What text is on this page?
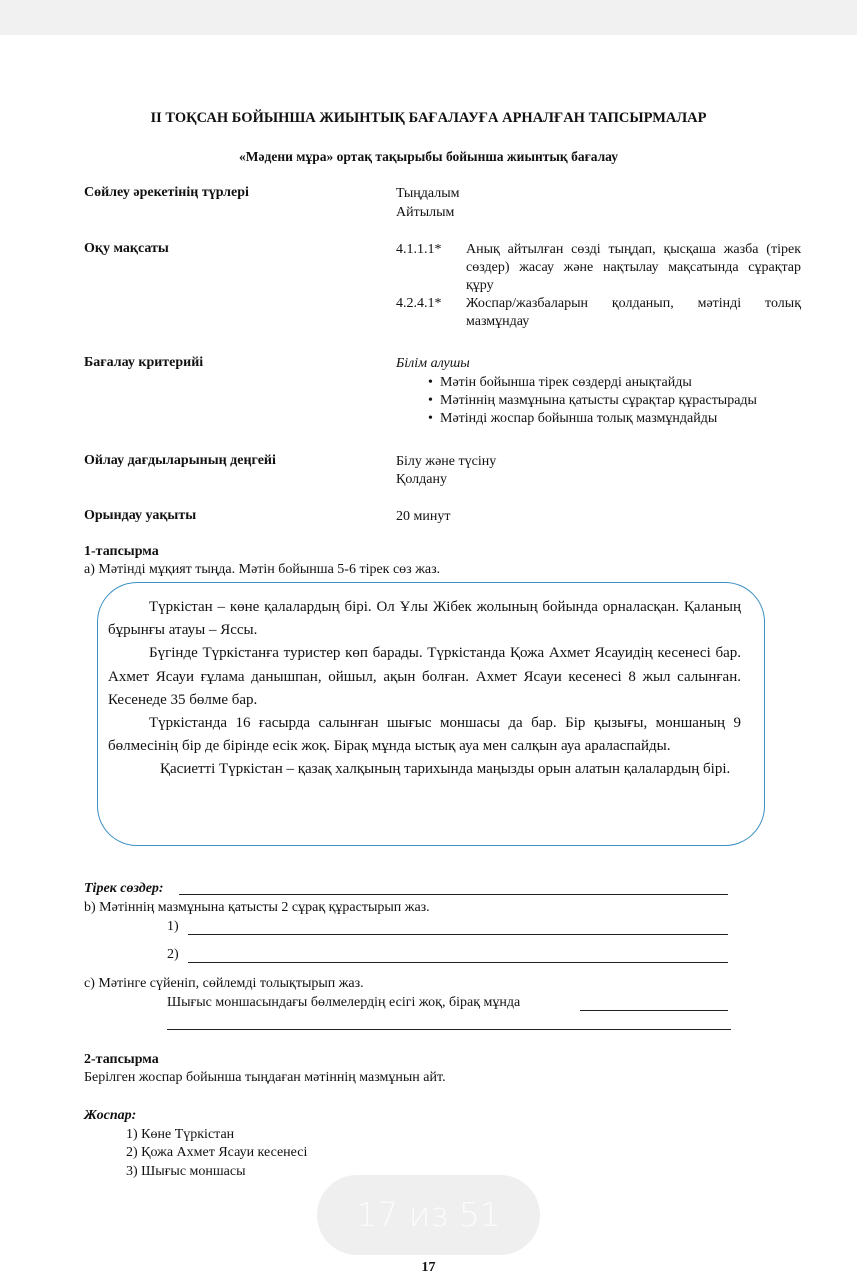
II ТОҚСАН БОЙЫНША ЖИЫНТЫҚ БАҒАЛАУҒА АРНАЛҒАН ТАПСЫРМАЛАР
«Мәдени мұра» ортақ тақырыбы бойынша жиынтық бағалау
Сөйлеу әрекетінің түрлері	Тыңдалым
Айтылым
Оқу мақсаты	4.1.1.1*	Анық айтылған сөзді тыңдап, қысқаша жазба (тірек сөздер) жасау және нақтылау мақсатында сұрақтар құру
4.2.4.1*	Жоспар/жазбаларын қолданып, мәтінді толық мазмұндау
Бағалау критерийі	Білім алушы
• Мәтін бойынша тірек сөздерді анықтайды
• Мәтіннің мазмұнына қатысты сұрақтар құрастырады
• Мәтінді жоспар бойынша толық мазмұндайды
Ойлау дағдыларының деңгейі	Білу және түсіну
Қолдану
Орындау уақыты	20 минут
1-тапсырма
а) Мәтінді мұқият тыңда. Мәтін бойынша 5-6 тірек сөз жаз.

Түркістан – көне қалалардың бірі. Ол Ұлы Жібек жолының бойында орналасқан. Қаланың бұрынғы атауы – Яссы.

Бүгінде Түркістанға туристер көп барады. Түркістанда Қожа Ахмет Ясауидің кесенесі бар. Ахмет Ясауи ғұлама данышпан, ойшыл, ақын болған. Ахмет Ясауи кесенесі 8 жыл салынған. Кесенеде 35 бөлме бар.

Түркістанда 16 ғасырда салынған шығыс моншасы да бар. Бір қызығы, моншаның 9 бөлмесінің бір де бірінде есік жоқ. Бірақ мұнда ыстық ауа мен салқын ауа араласпайды.

Қасиетті Түркістан – қазақ халқының тарихында маңызды орын алатын қалалардың бірі.

Тірек сөздер:
b) Мәтіннің мазмұнына қатысты 2 сұрақ құрастырып жаз.
1)
2)
c) Мәтінге сүйеніп, сөйлемді толықтырып жаз.
Шығыс моншасындағы бөлмелердің есігі жоқ, бірақ мұнда
2-тапсырма
Берілген жоспар бойынша тыңдаған мәтіннің мазмұнын айт.
Жоспар:
1) Көне Түркістан
2) Қожа Ахмет Ясауи кесенесі
3) Шығыс моншасы
17 из 51
17
